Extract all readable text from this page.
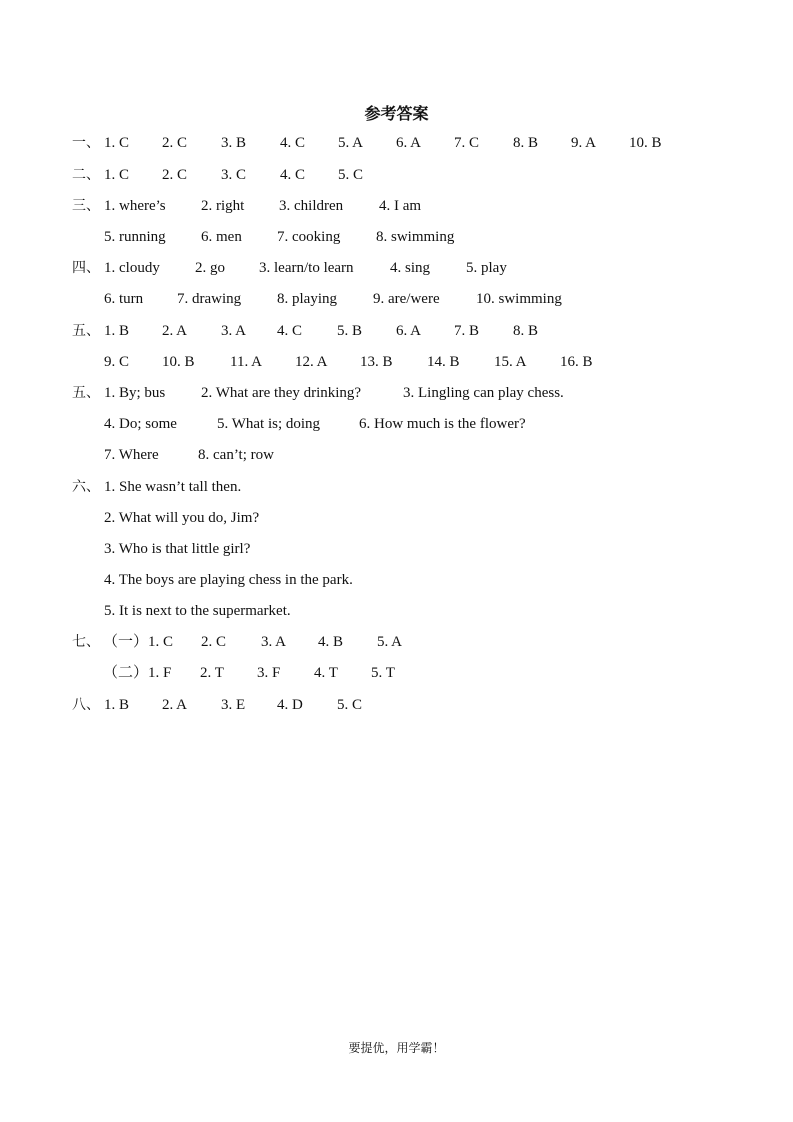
参考答案
一、 1. C 2. C 3. B 4. C 5. A 6. A 7. C 8. B 9. A 10. B
二、 1. C 2. C 3. C 4. C 5. C
三、 1. where’s 2. right 3. children 4. I am
5. running 6. men 7. cooking 8. swimming
四、 1. cloudy 2. go 3. learn/to learn 4. sing 5. play
6. turn 7. drawing 8. playing 9. are/were 10. swimming
五、 1. B 2. A 3. A 4. C 5. B 6. A 7. B 8. B
9. C 10. B 11. A 12. A 13. B 14. B 15. A 16. B
五、 1. By; bus 2. What are they drinking?	3. Lingling can play chess.
4. Do; some	5. What is; doing	6. How much is the flower?
7. Where	8. can’t; row
六、 1. She wasn’t tall then.
2. What will you do, Jim?
3. Who is that little girl?
4. The boys are playing chess in the park.
5. It is next to the supermarket.
七、 （一）1. C 2. C 3. A 4. B 5. A
（二）1. F 2. T 3. F 4. T 5. T
八、 1. B 2. A 3. E 4. D 5. C
要提优，用学霸！
